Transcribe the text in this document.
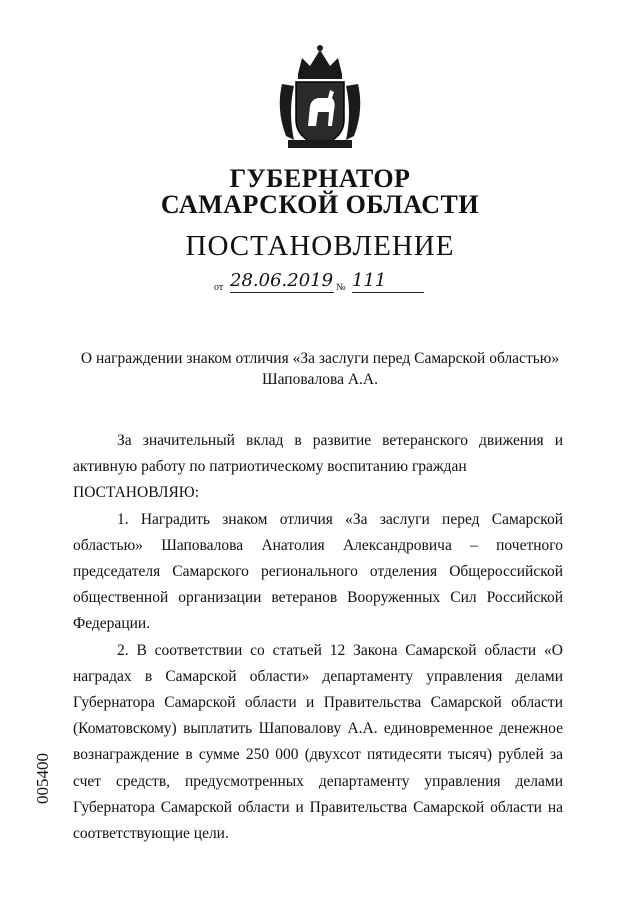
ГУБЕРНАТОР
САМАРСКОЙ ОБЛАСТИ
ПОСТАНОВЛЕНИЕ
от 28.06.2019 № 111
О награждении знаком отличия «За заслуги перед Самарской областью»
Шаповалова А.А.

За значительный вклад в развитие ветеранского движения и активную работу по патриотическому воспитанию граждан

ПОСТАНОВЛЯЮ:

1. Наградить знаком отличия «За заслуги перед Самарской областью» Шаповалова Анатолия Александровича – почетного председателя Самарского регионального отделения Общероссийской общественной организации ветеранов Вооруженных Сил Российской Федерации.

2. В соответствии со статьей 12 Закона Самарской области «О наградах в Самарской области» департаменту управления делами Губернатора Самарской области и Правительства Самарской области (Коматовскому) выплатить Шаповалову А.А. единовременное денежное вознаграждение в сумме 250 000 (двухсот пятидесяти тысяч) рублей за счет средств, предусмотренных департаменту управления делами Губернатора Самарской области и Правительства Самарской области на соответствующие цели.

005400
